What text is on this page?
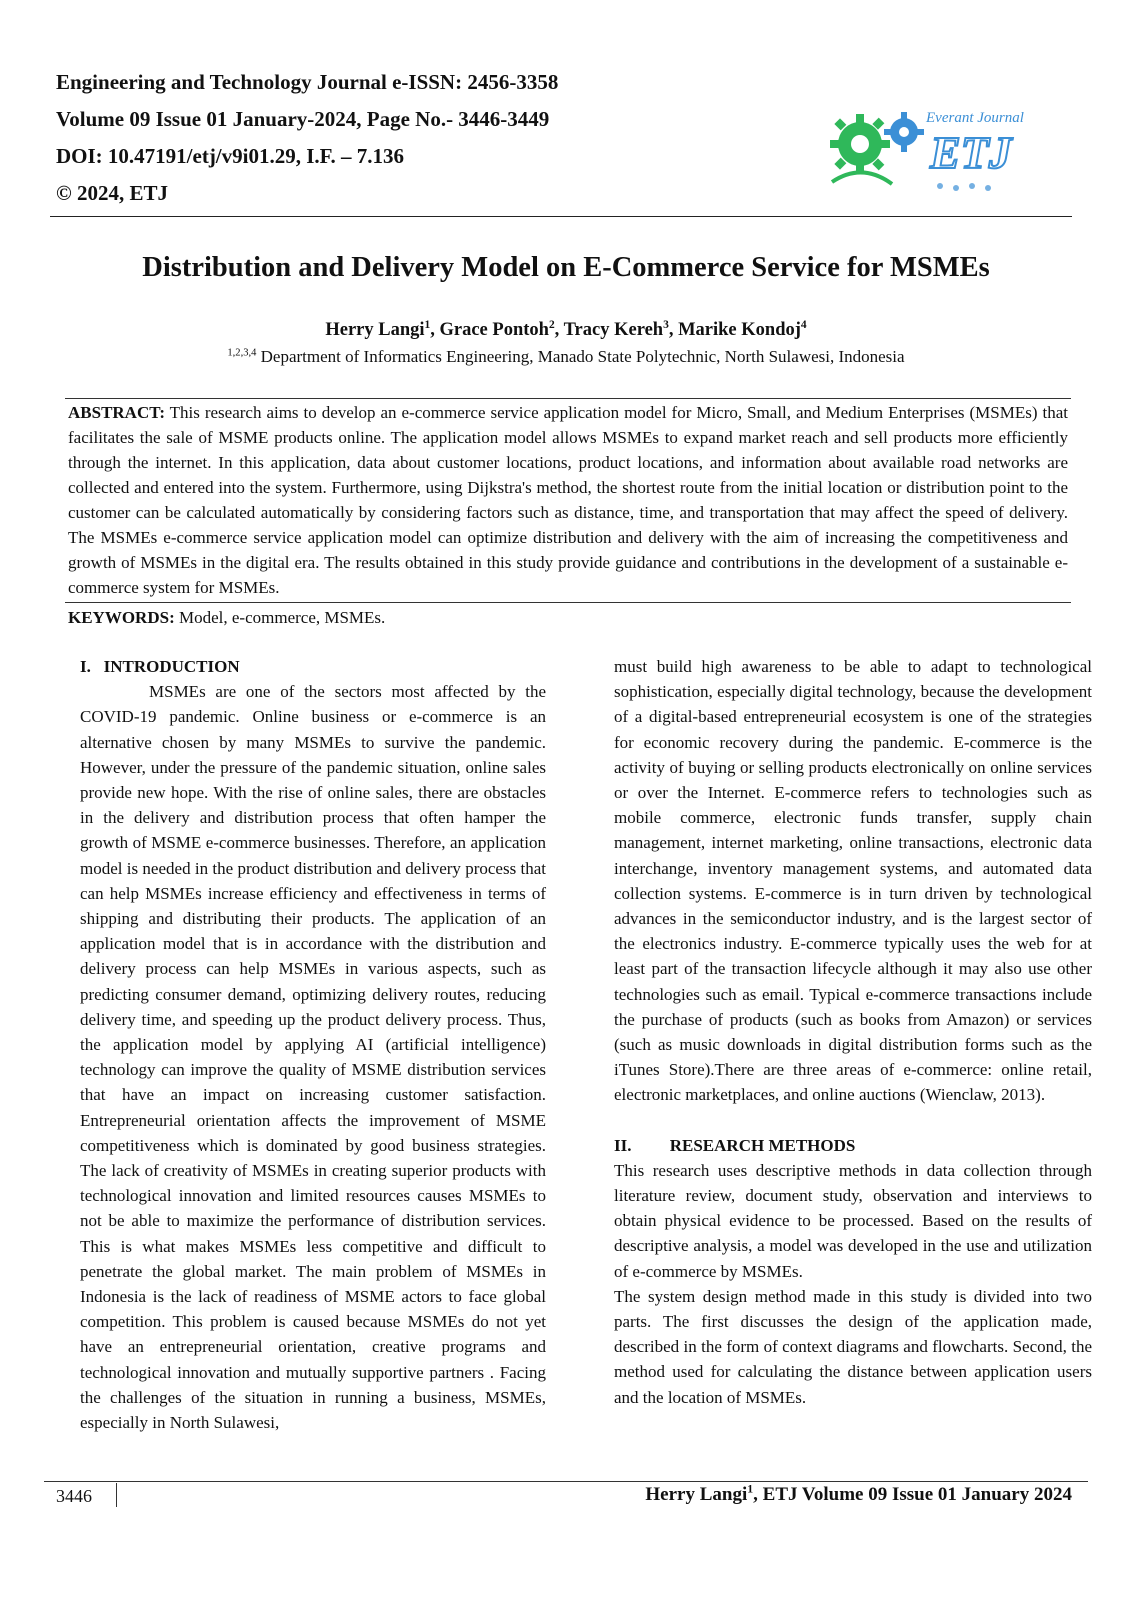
Engineering and Technology Journal e-ISSN: 2456-3358
Volume 09 Issue 01 January-2024, Page No.- 3446-3449
DOI: 10.47191/etj/v9i01.29, I.F. – 7.136
© 2024, ETJ
Everant Journal
ETJ
Distribution and Delivery Model on E-Commerce Service for MSMEs
Herry Langi$^1$, Grace Pontoh$^2$, Tracy Kereh$^3$, Marike Kondoj$^4$
$^{1,2,3,4}$ Department of Informatics Engineering, Manado State Polytechnic, North Sulawesi, Indonesia
ABSTRACT: This research aims to develop an e-commerce service application model for Micro, Small, and Medium Enterprises (MSMEs) that facilitates the sale of MSME products online. The application model allows MSMEs to expand market reach and sell products more efficiently through the internet. In this application, data about customer locations, product locations, and information about available road networks are collected and entered into the system. Furthermore, using Dijkstra's method, the shortest route from the initial location or distribution point to the customer can be calculated automatically by considering factors such as distance, time, and transportation that may affect the speed of delivery. The MSMEs e-commerce service application model can optimize distribution and delivery with the aim of increasing the competitiveness and growth of MSMEs in the digital era. The results obtained in this study provide guidance and contributions in the development of a sustainable e-commerce system for MSMEs.
KEYWORDS: Model, e-commerce, MSMEs.

I. INTRODUCTION

MSMEs are one of the sectors most affected by the COVID-19 pandemic. Online business or e-commerce is an alternative chosen by many MSMEs to survive the pandemic. However, under the pressure of the pandemic situation, online sales provide new hope. With the rise of online sales, there are obstacles in the delivery and distribution process that often hamper the growth of MSME e-commerce businesses. Therefore, an application model is needed in the product distribution and delivery process that can help MSMEs increase efficiency and effectiveness in terms of shipping and distributing their products. The application of an application model that is in accordance with the distribution and delivery process can help MSMEs in various aspects, such as predicting consumer demand, optimizing delivery routes, reducing delivery time, and speeding up the product delivery process. Thus, the application model by applying AI (artificial intelligence) technology can improve the quality of MSME distribution services that have an impact on increasing customer satisfaction. Entrepreneurial orientation affects the improvement of MSME competitiveness which is dominated by good business strategies. The lack of creativity of MSMEs in creating superior products with technological innovation and limited resources causes MSMEs to not be able to maximize the performance of distribution services. This is what makes MSMEs less competitive and difficult to penetrate the global market. The main problem of MSMEs in Indonesia is the lack of readiness of MSME actors to face global competition. This problem is caused because MSMEs do not yet have an entrepreneurial orientation, creative programs and technological innovation and mutually supportive partners . Facing the challenges of the situation in running a business, MSMEs, especially in North Sulawesi,

must build high awareness to be able to adapt to technological sophistication, especially digital technology, because the development of a digital-based entrepreneurial ecosystem is one of the strategies for economic recovery during the pandemic. E-commerce is the activity of buying or selling products electronically on online services or over the Internet. E-commerce refers to technologies such as mobile commerce, electronic funds transfer, supply chain management, internet marketing, online transactions, electronic data interchange, inventory management systems, and automated data collection systems. E-commerce is in turn driven by technological advances in the semiconductor industry, and is the largest sector of the electronics industry. E-commerce typically uses the web for at least part of the transaction lifecycle although it may also use other technologies such as email. Typical e-commerce transactions include the purchase of products (such as books from Amazon) or services (such as music downloads in digital distribution forms such as the iTunes Store).There are three areas of e-commerce: online retail, electronic marketplaces, and online auctions (Wienclaw, 2013).

II. RESEARCH METHODS

This research uses descriptive methods in data collection through literature review, document study, observation and interviews to obtain physical evidence to be processed. Based on the results of descriptive analysis, a model was developed in the use and utilization of e-commerce by MSMEs.

The system design method made in this study is divided into two parts. The first discusses the design of the application made, described in the form of context diagrams and flowcharts. Second, the method used for calculating the distance between application users and the location of MSMEs.

3446	Herry Langi$^1$, ETJ Volume 09 Issue 01 January 2024
